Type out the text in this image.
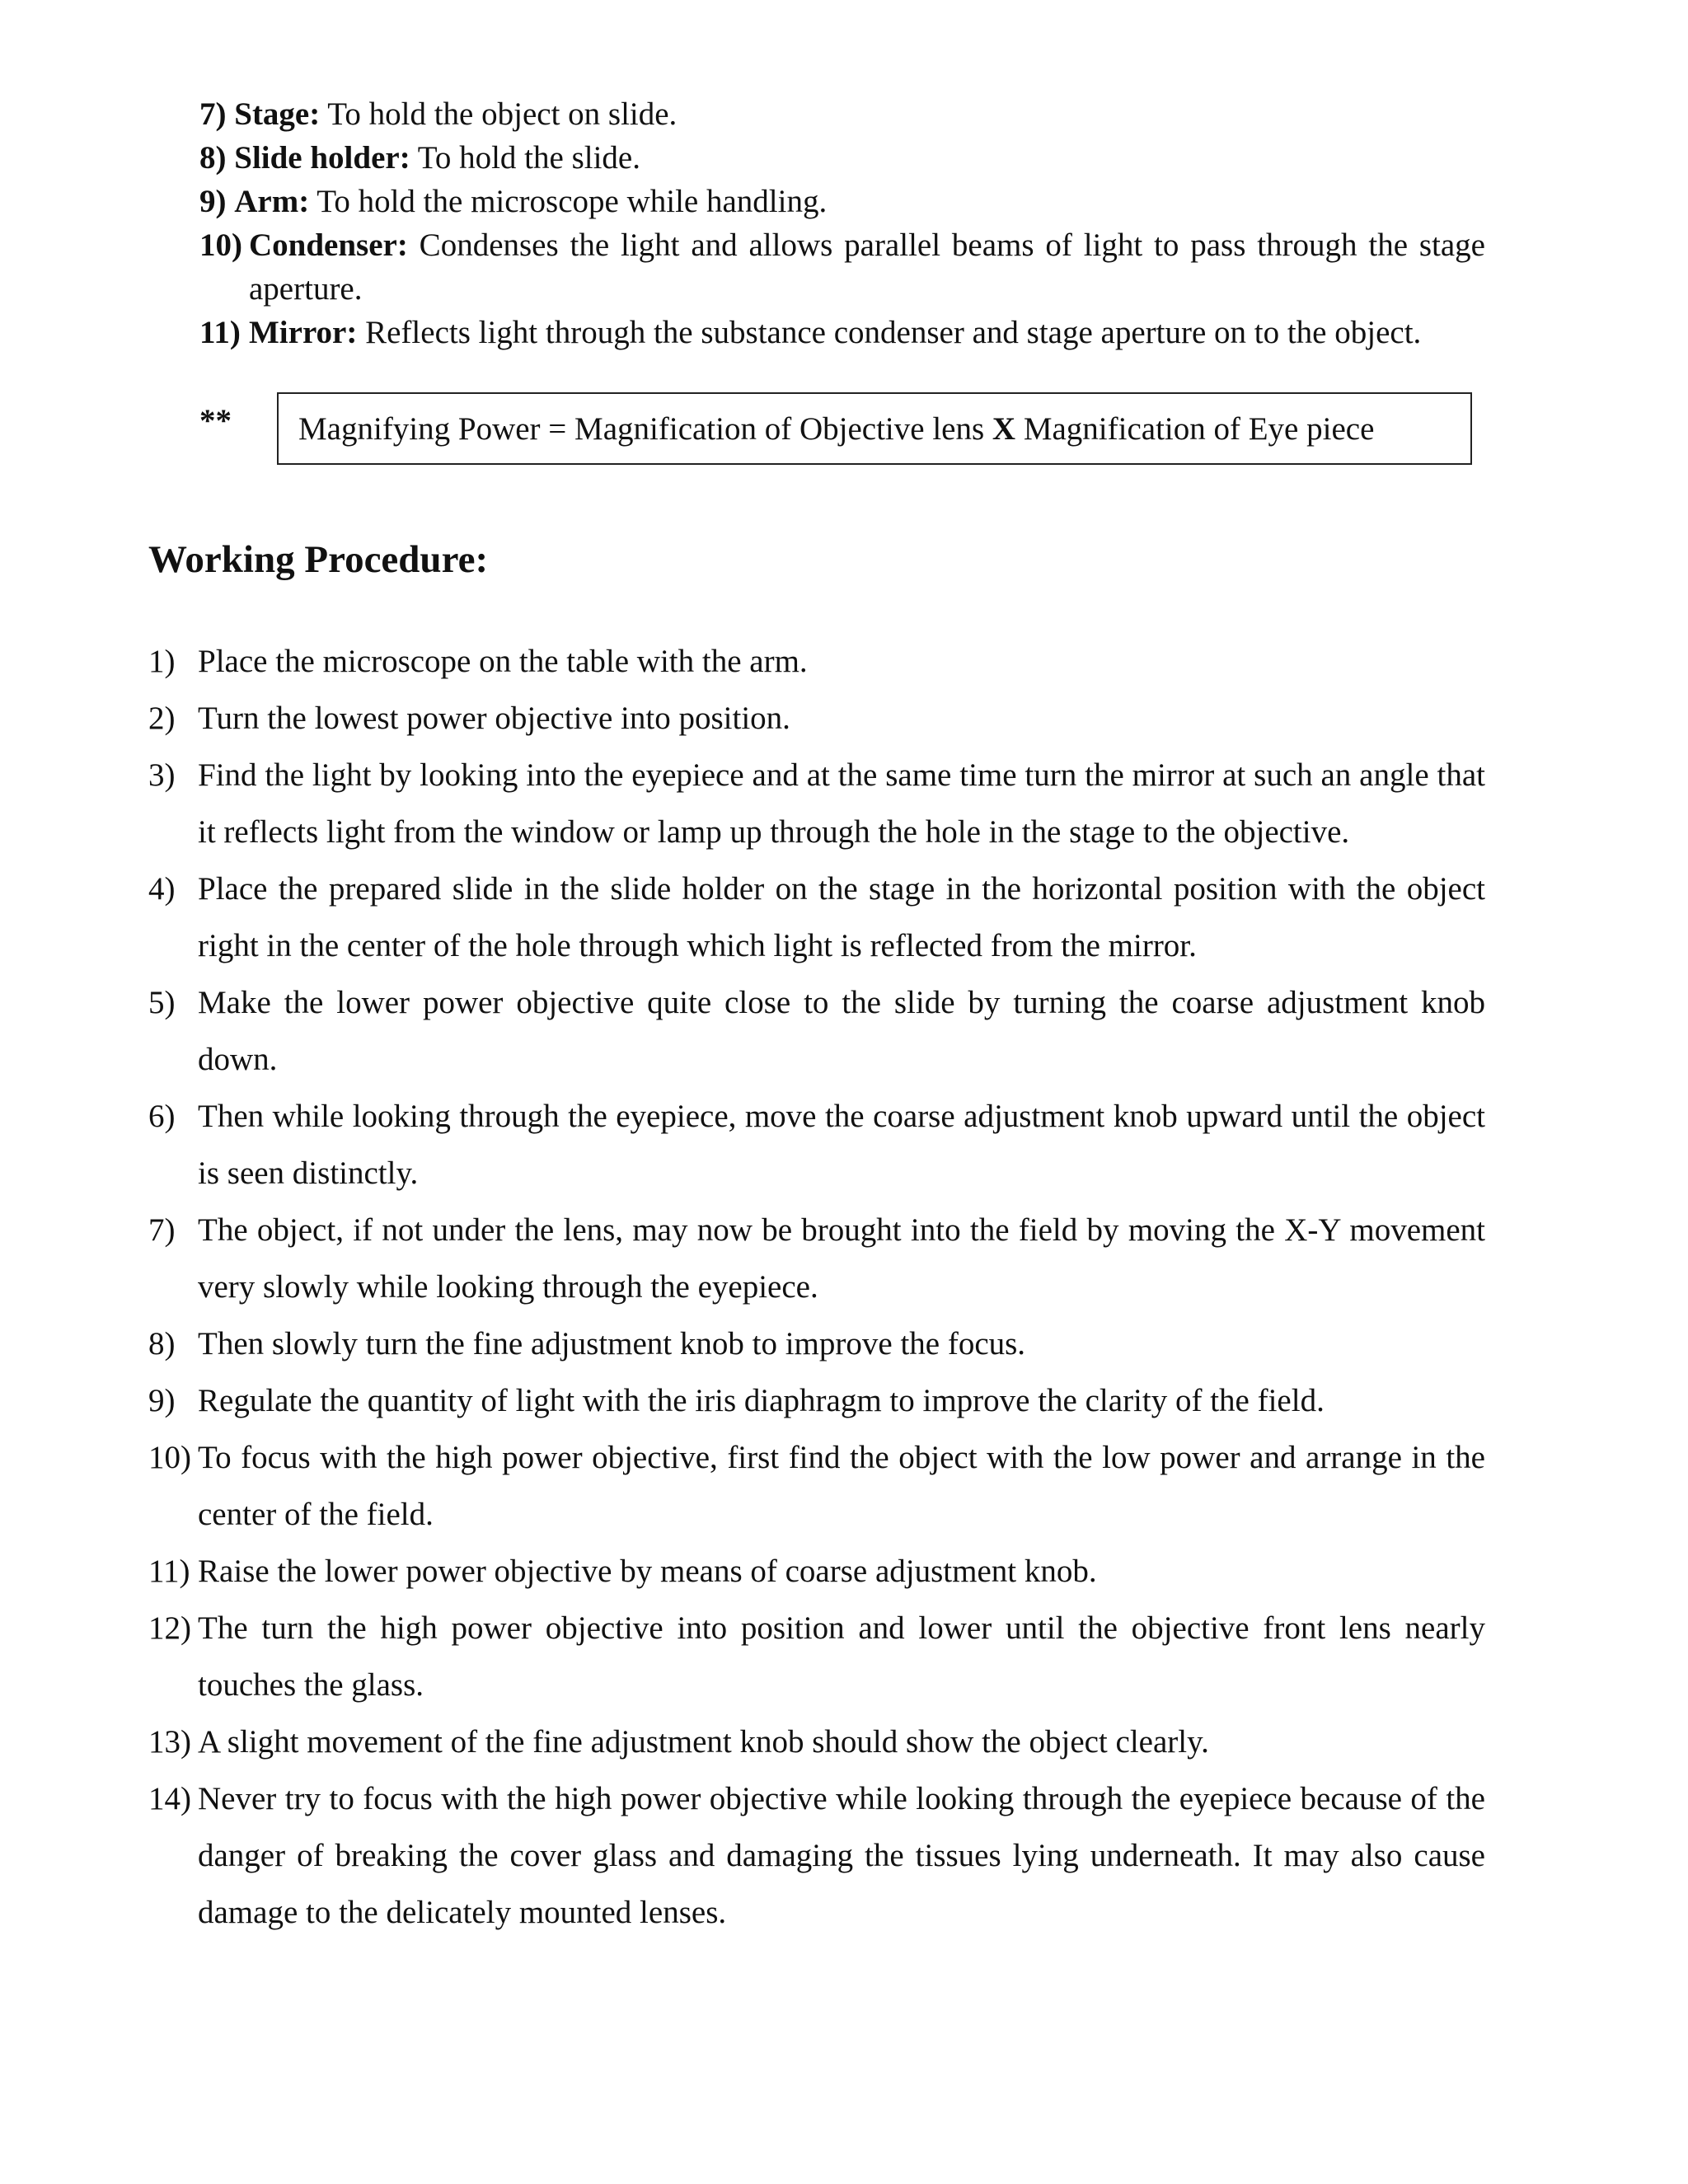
7) Stage: To hold the object on slide.
8) Slide holder: To hold the slide.
9) Arm: To hold the microscope while handling.
10) Condenser: Condenses the light and allows parallel beams of light to pass through the stage aperture.
11) Mirror: Reflects light through the substance condenser and stage aperture on to the object.
** Magnifying Power = Magnification of Objective lens X Magnification of Eye piece
Working Procedure:
1) Place the microscope on the table with the arm.
2) Turn the lowest power objective into position.
3) Find the light by looking into the eyepiece and at the same time turn the mirror at such an angle that it reflects light from the window or lamp up through the hole in the stage to the objective.
4) Place the prepared slide in the slide holder on the stage in the horizontal position with the object right in the center of the hole through which light is reflected from the mirror.
5) Make the lower power objective quite close to the slide by turning the coarse adjustment knob down.
6) Then while looking through the eyepiece, move the coarse adjustment knob upward until the object is seen distinctly.
7) The object, if not under the lens, may now be brought into the field by moving the X-Y movement very slowly while looking through the eyepiece.
8) Then slowly turn the fine adjustment knob to improve the focus.
9) Regulate the quantity of light with the iris diaphragm to improve the clarity of the field.
10) To focus with the high power objective, first find the object with the low power and arrange in the center of the field.
11) Raise the lower power objective by means of coarse adjustment knob.
12) The turn the high power objective into position and lower until the objective front lens nearly touches the glass.
13) A slight movement of the fine adjustment knob should show the object clearly.
14) Never try to focus with the high power objective while looking through the eyepiece because of the danger of breaking the cover glass and damaging the tissues lying underneath. It may also cause damage to the delicately mounted lenses.
